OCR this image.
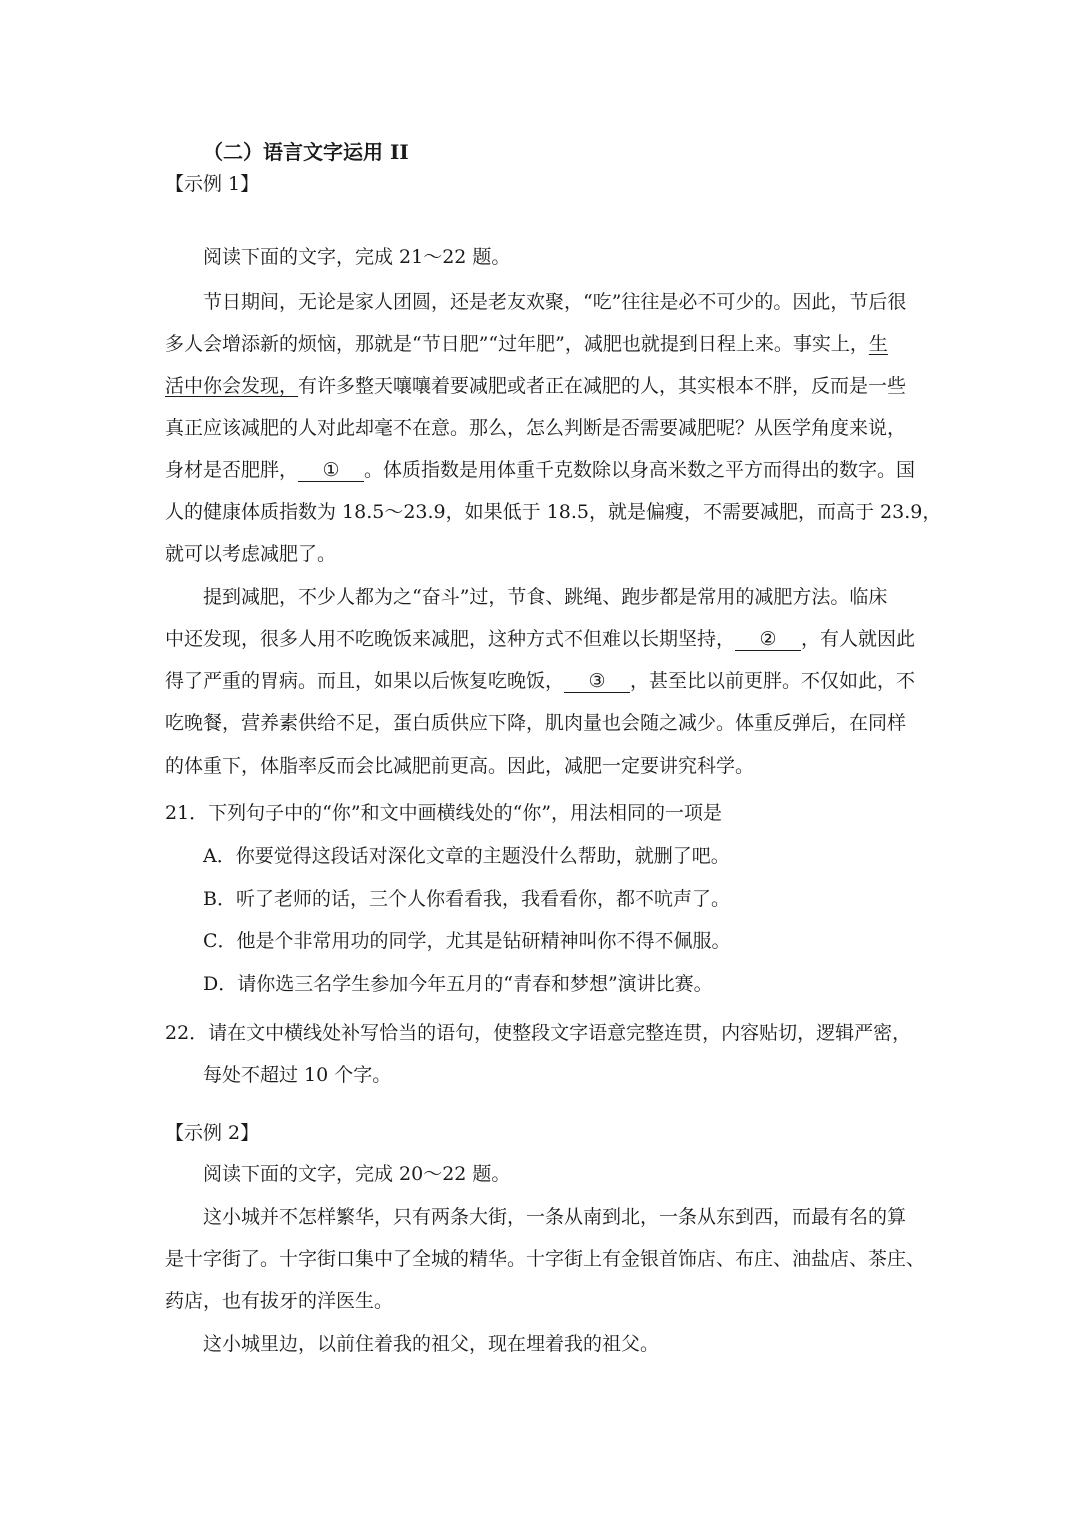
（二）语言文字运用 II
【示例 1】
阅读下面的文字，完成 21～22 题。
节日期间，无论是家人团圆，还是老友欢聚，“吃”往往是必不可少的。因此，节后很
多人会增添新的烦恼，那就是“节日肥”“过年肥”，减肥也就提到日程上来。事实上，生
活中你会发现，有许多整天嚷嚷着要减肥或者正在减肥的人，其实根本不胖，反而是一些
真正应该减肥的人对此却毫不在意。那么，怎么判断是否需要减肥呢？从医学角度来说，
身材是否肥胖， ① 。体质指数是用体重千克数除以身高米数之平方而得出的数字。国
人的健康体质指数为 18.5～23.9，如果低于 18.5，就是偏瘦，不需要减肥，而高于 23.9，
就可以考虑减肥了。
提到减肥，不少人都为之“奋斗”过，节食、跳绳、跑步都是常用的减肥方法。临床
中还发现，很多人用不吃晚饭来减肥，这种方式不但难以长期坚持， ② ，有人就因此
得了严重的胃病。而且，如果以后恢复吃晚饭， ③ ，甚至比以前更胖。不仅如此，不
吃晚餐，营养素供给不足，蛋白质供应下降，肌肉量也会随之减少。体重反弹后，在同样
的体重下，体脂率反而会比减肥前更高。因此，减肥一定要讲究科学。
21．下列句子中的“你”和文中画横线处的“你”，用法相同的一项是
A．你要觉得这段话对深化文章的主题没什么帮助，就删了吧。
B．听了老师的话，三个人你看看我，我看看你，都不吭声了。
C．他是个非常用功的同学，尤其是钻研精神叫你不得不佩服。
D．请你选三名学生参加今年五月的“青春和梦想”演讲比赛。
22．请在文中横线处补写恰当的语句，使整段文字语意完整连贯，内容贴切，逻辑严密，
每处不超过 10 个字。
【示例 2】
阅读下面的文字，完成 20～22 题。
这小城并不怎样繁华，只有两条大街，一条从南到北，一条从东到西，而最有名的算
是十字街了。十字街口集中了全城的精华。十字街上有金银首饰店、布庄、油盐店、茶庄、
药店，也有拔牙的洋医生。
这小城里边，以前住着我的祖父，现在埋着我的祖父。
